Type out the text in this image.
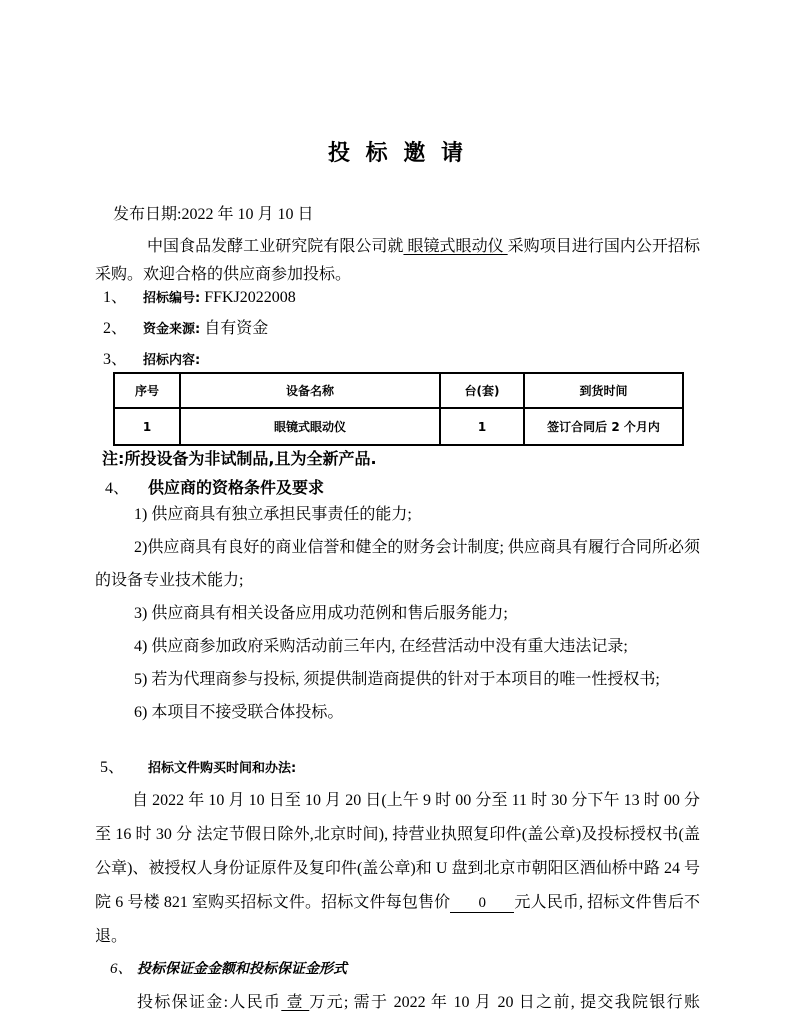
投 标 邀 请

发布日期:2022 年 10 月 10 日

中国食品发酵工业研究院有限公司就 眼镜式眼动仪 采购项目进行国内公开招标采购。欢迎合格的供应商参加投标。

1、 招标编号: FFKJ2022008
2、 资金来源: 自有资金
3、 招标内容:
序号	设备名称	台(套)	到货时间
1	眼镜式眼动仪	1	签订合同后 2 个月内

注:所投设备为非试制品,且为全新产品.

4、 供应商的资格条件及要求

1) 供应商具有独立承担民事责任的能力;

2)供应商具有良好的商业信誉和健全的财务会计制度; 供应商具有履行合同所必须的设备专业技术能力;

3) 供应商具有相关设备应用成功范例和售后服务能力;

4) 供应商参加政府采购活动前三年内, 在经营活动中没有重大违法记录;

5) 若为代理商参与投标, 须提供制造商提供的针对于本项目的唯一性授权书;

6) 本项目不接受联合体投标。

5、 招标文件购买时间和办法:

自 2022 年 10 月 10 日至 10 月 20 日(上午 9 时 00 分至 11 时 30 分下午 13 时 00 分至 16 时 30 分 法定节假日除外,北京时间), 持营业执照复印件(盖公章)及投标授权书(盖公章)、被授权人身份证原件及复印件(盖公章)和 U 盘到北京市朝阳区酒仙桥中路 24 号院 6 号楼 821 室购买招标文件。招标文件每包售价 0 元人民币, 招标文件售后不退。

6、 投标保证金金额和投标保证金形式

投标保证金:人民币 壹 万元; 需于 2022 年 10 月 20 日之前, 提交我院银行账
